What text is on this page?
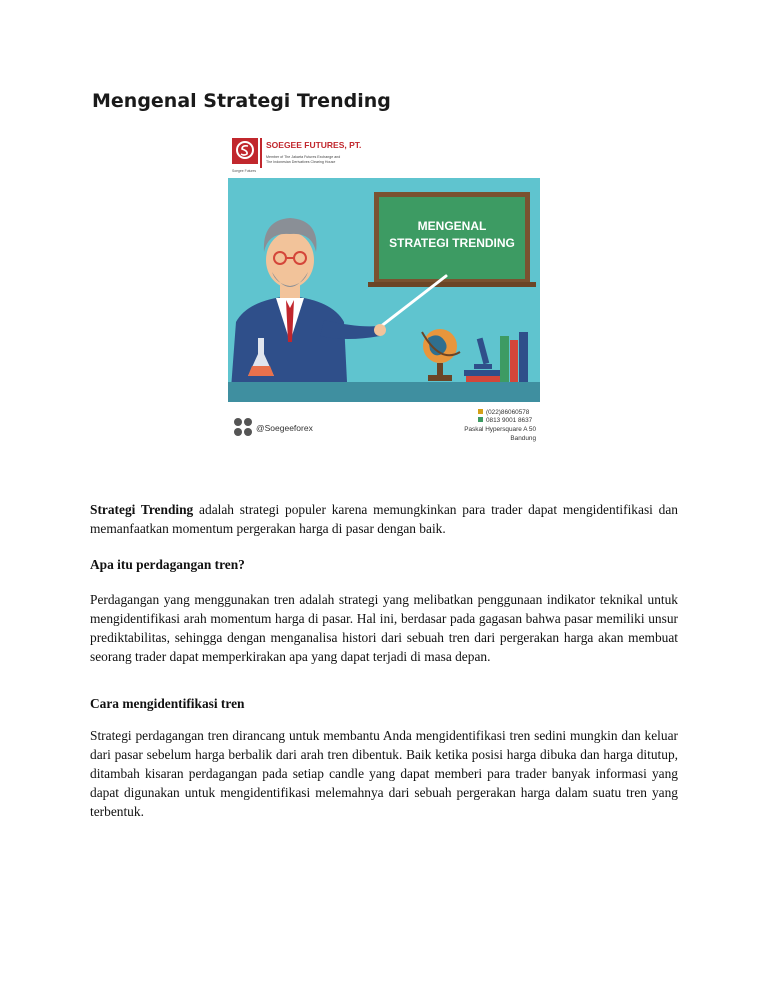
Mengenal Strategi Trending
Soegee Futures
SOEGEE FUTURES, PT.
Member of The Jakarta Futures Exchange and
The Indonesian Derivatives Clearing House
MENGENAL
STRATEGI TRENDING
@Soegeeforex
(022)86060578
0813 9001 8637
Paskal Hypersquare A 50
Bandung

Strategi Trending adalah strategi populer karena memungkinkan para trader dapat mengidentifikasi dan memanfaatkan momentum pergerakan harga di pasar dengan baik.

Apa itu perdagangan tren?

Perdagangan yang menggunakan tren adalah strategi yang melibatkan penggunaan indikator teknikal untuk mengidentifikasi arah momentum harga di pasar. Hal ini, berdasar pada gagasan bahwa pasar memiliki unsur prediktabilitas, sehingga dengan menganalisa histori dari sebuah tren dari pergerakan harga akan membuat seorang trader dapat memperkirakan apa yang dapat terjadi di masa depan.

Cara mengidentifikasi tren

Strategi perdagangan tren dirancang untuk membantu Anda mengidentifikasi tren sedini mungkin dan keluar dari pasar sebelum harga berbalik dari arah tren dibentuk. Baik ketika posisi harga dibuka dan harga ditutup, ditambah kisaran perdagangan pada setiap candle yang dapat memberi para trader banyak informasi yang dapat digunakan untuk mengidentifikasi melemahnya dari sebuah pergerakan harga dalam suatu tren yang terbentuk.
